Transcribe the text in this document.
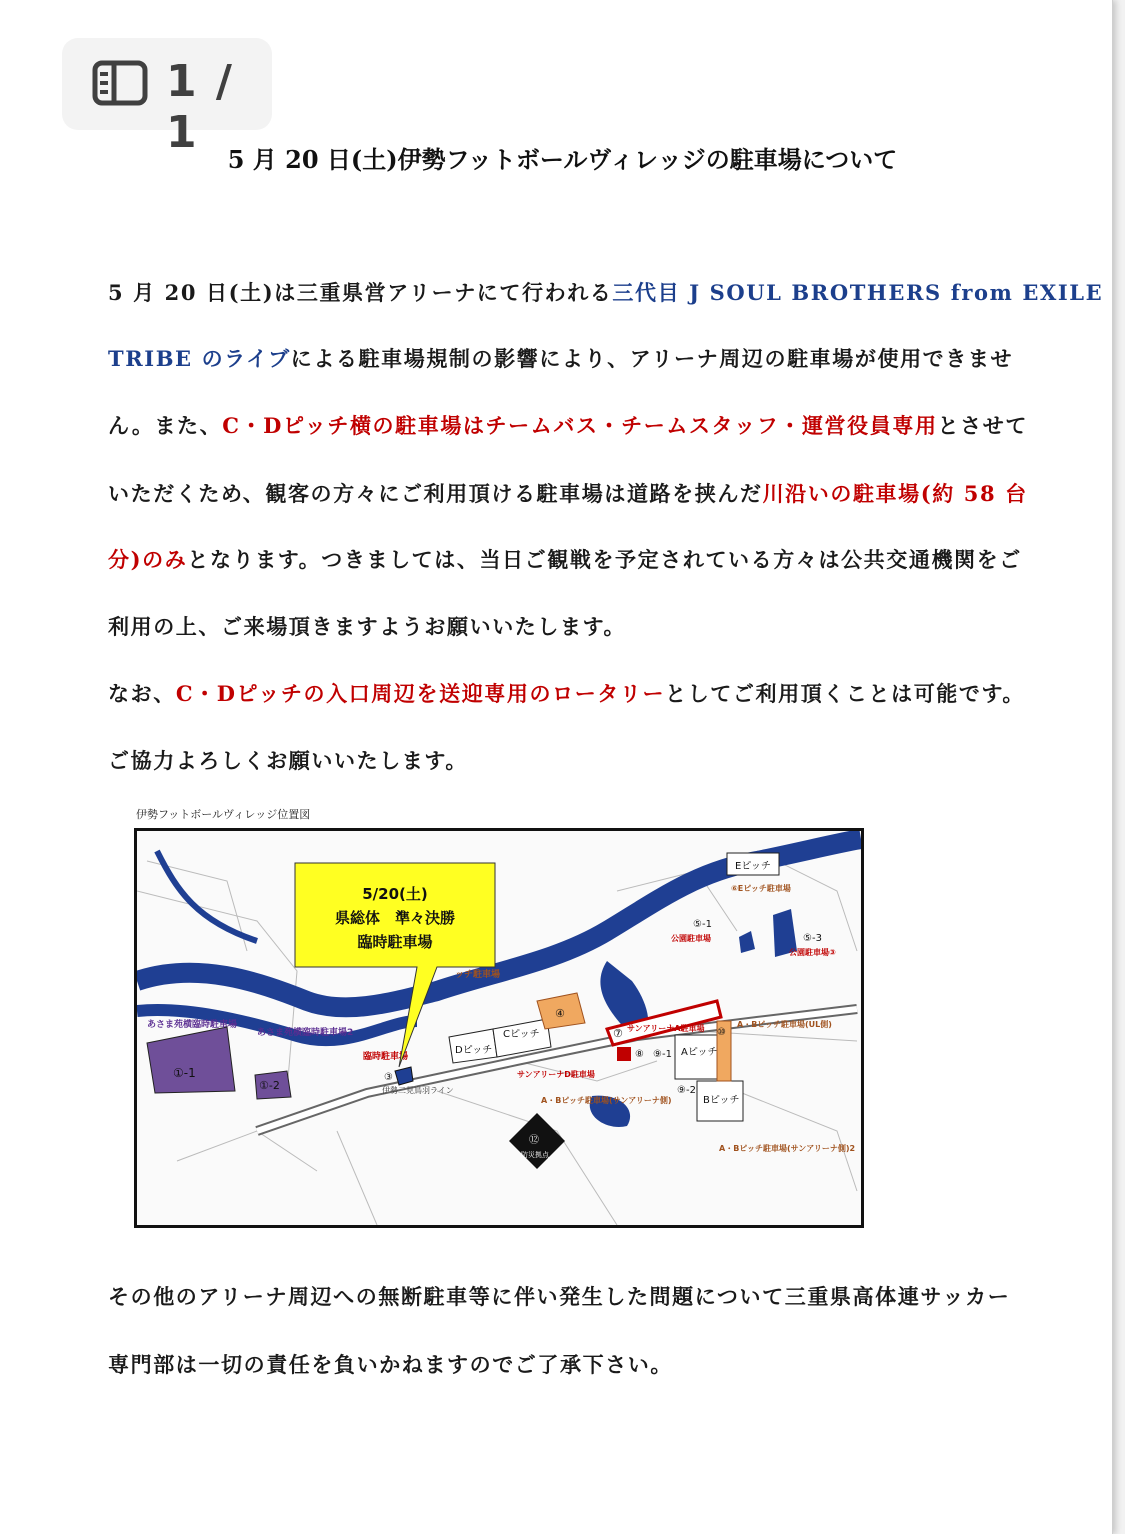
1 / 1
5 月 20 日(土)伊勢フットボールヴィレッジの駐車場について
5 月 20 日(土)は三重県営アリーナにて行われる三代目 J SOUL BROTHERS from EXILE
TRIBE のライブによる駐車場規制の影響により、アリーナ周辺の駐車場が使用できませ
ん。また、C・Dピッチ横の駐車場はチームバス・チームスタッフ・運営役員専用とさせて
いただくため、観客の方々にご利用頂ける駐車場は道路を挟んだ川沿いの駐車場(約 58 台
分)のみとなります。つきましては、当日ご観戦を予定されている方々は公共交通機関をご
利用の上、ご来場頂きますようお願いいたします。
なお、C・Dピッチの入口周辺を送迎専用のロータリーとしてご利用頂くことは可能です。
ご協力よろしくお願いいたします。
伊勢フットボールヴィレッジ位置図
伊勢二見鳥羽ライン
あさま苑横臨時駐車場
①-1
①-2
あさま苑横臨時駐車場2
臨時駐車場
③
5/20(土)
県総体　準々決勝
臨時駐車場
Dピッチ
Cピッチ
④
ッチ駐車場
⑦ サンアリーナA駐車場
Eピッチ
⑥Eピッチ駐車場
⑤-1
公園駐車場	⑤-3
公園駐車場③
Aピッチ
Bピッチ
⑩
A・Bピッチ駐車場(UL側)
⑧ ⑨-1
⑨-2
サンアリーナD駐車場
A・Bピッチ駐車場(サンアリーナ側)
A・Bピッチ駐車場(サンアリーナ側)2
⑫
防災拠点
その他のアリーナ周辺への無断駐車等に伴い発生した問題について三重県高体連サッカー
専門部は一切の責任を負いかねますのでご了承下さい。
